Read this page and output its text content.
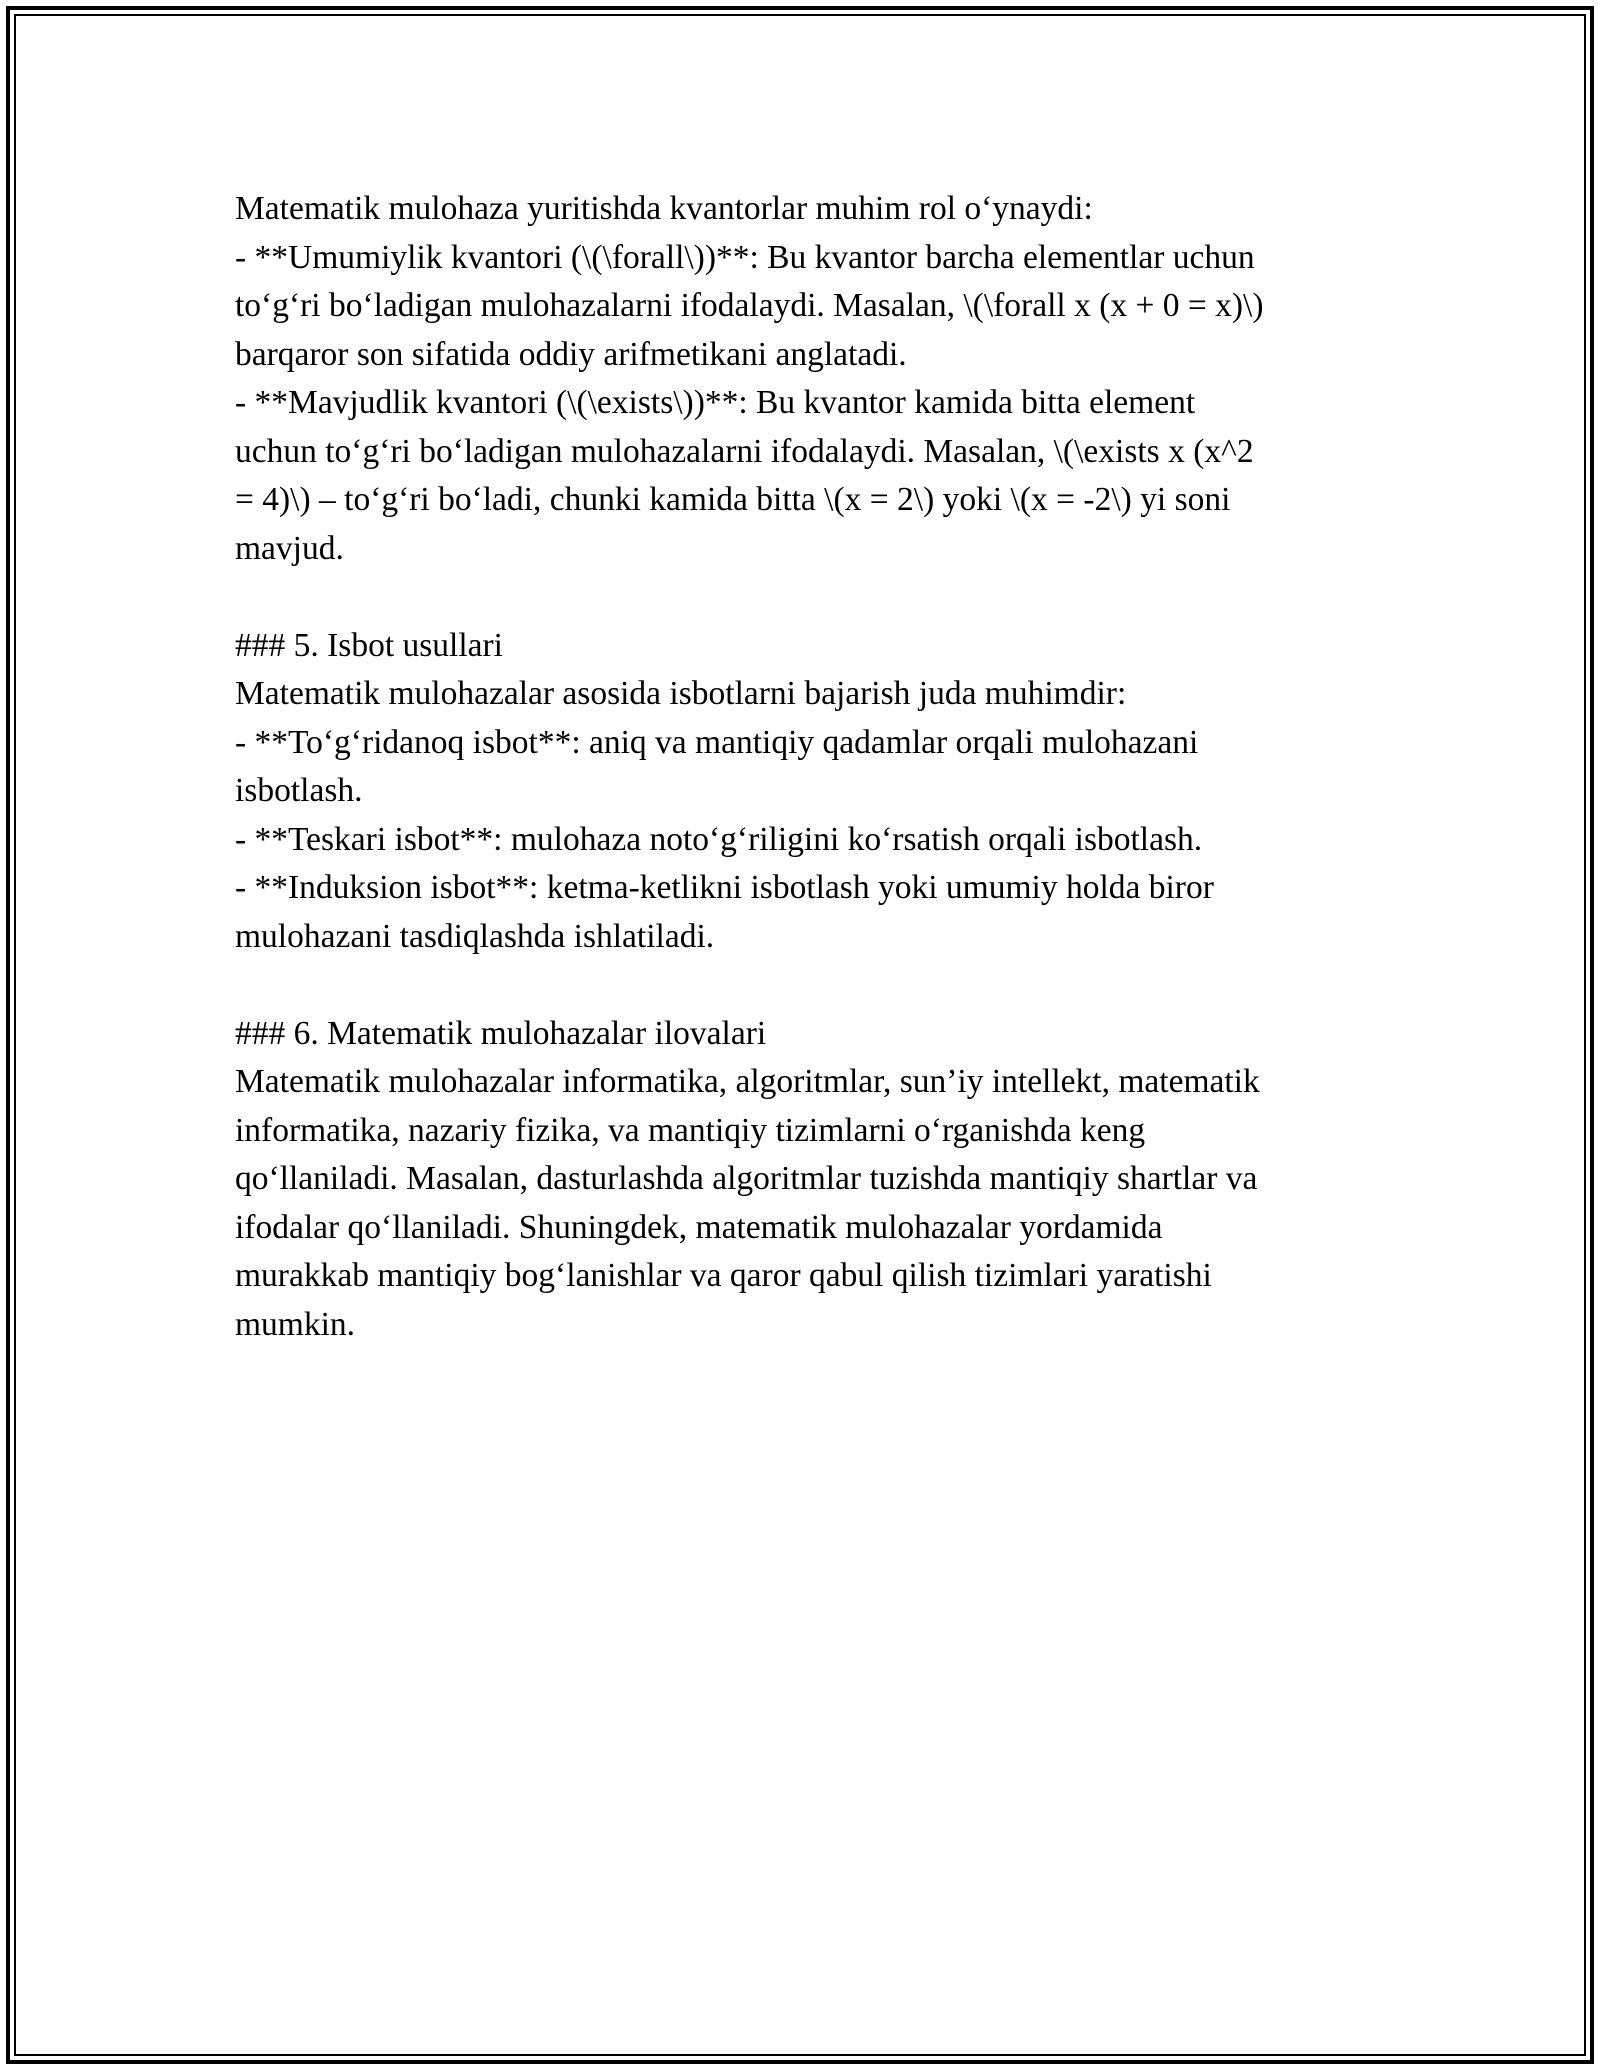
Matematik mulohaza yuritishda kvantorlar muhim rol o‘ynaydi:
- **Umumiylik kvantori (\(\forall\))**: Bu kvantor barcha elementlar uchun
to‘g‘ri bo‘ladigan mulohazalarni ifodalaydi. Masalan, \(\forall x (x + 0 = x)\)
barqaror son sifatida oddiy arifmetikani anglatadi.
- **Mavjudlik kvantori (\(\exists\))**: Bu kvantor kamida bitta element
uchun to‘g‘ri bo‘ladigan mulohazalarni ifodalaydi. Masalan, \(\exists x (x^2
= 4)\) – to‘g‘ri bo‘ladi, chunki kamida bitta \(x = 2\) yoki \(x = -2\) yi soni
mavjud.
### 5. Isbot usullari
Matematik mulohazalar asosida isbotlarni bajarish juda muhimdir:
- **To‘g‘ridanoq isbot**: aniq va mantiqiy qadamlar orqali mulohazani
isbotlash.
- **Teskari isbot**: mulohaza noto‘g‘riligini ko‘rsatish orqali isbotlash.
- **Induksion isbot**: ketma-ketlikni isbotlash yoki umumiy holda biror
mulohazani tasdiqlashda ishlatiladi.
### 6. Matematik mulohazalar ilovalari
Matematik mulohazalar informatika, algoritmlar, sun’iy intellekt, matematik
informatika, nazariy fizika, va mantiqiy tizimlarni o‘rganishda keng
qo‘llaniladi. Masalan, dasturlashda algoritmlar tuzishda mantiqiy shartlar va
ifodalar qo‘llaniladi. Shuningdek, matematik mulohazalar yordamida
murakkab mantiqiy bog‘lanishlar va qaror qabul qilish tizimlari yaratishi
mumkin.
